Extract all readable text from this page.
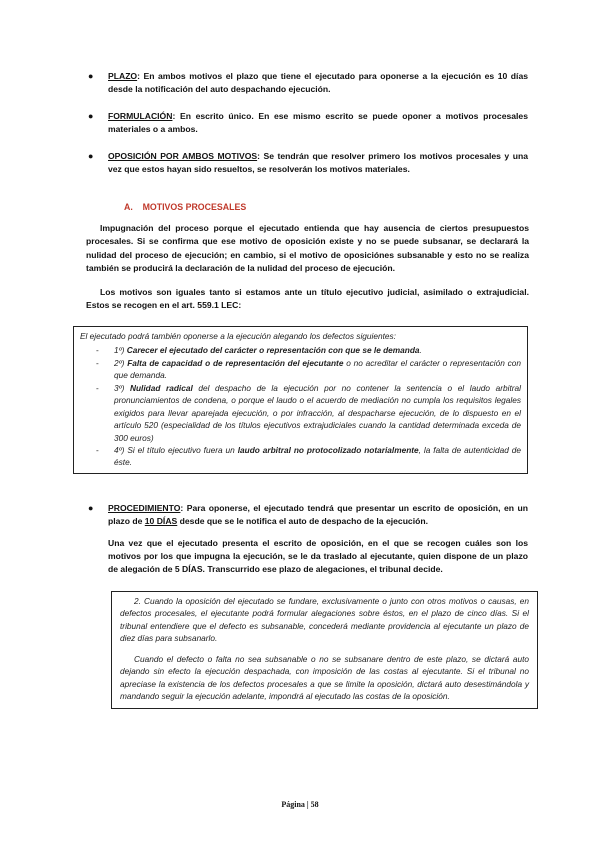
● PLAZO: En ambos motivos el plazo que tiene el ejecutado para oponerse a la ejecución es 10 días desde la notificación del auto despachando ejecución.
● FORMULACIÓN: En escrito único. En ese mismo escrito se puede oponer a motivos procesales materiales o a ambos.
● OPOSICIÓN POR AMBOS MOTIVOS: Se tendrán que resolver primero los motivos procesales y una vez que estos hayan sido resueltos, se resolverán los motivos materiales.
A.    MOTIVOS PROCESALES
Impugnación del proceso porque el ejecutado entienda que hay ausencia de ciertos presupuestos procesales. Si se confirma que ese motivo de oposición existe y no se puede subsanar, se declarará la nulidad del proceso de ejecución; en cambio, si el motivo de oposiciónes subsanable y esto no se realiza también se producirá la declaración de la nulidad del proceso de ejecución.
Los motivos son iguales tanto si estamos ante un título ejecutivo judicial, asimilado o extrajudicial. Estos se recogen en el art. 559.1 LEC:
El ejecutado podrá también oponerse a la ejecución alegando los defectos siguientes:
- 1º) Carecer el ejecutado del carácter o representación con que se le demanda.
- 2º) Falta de capacidad o de representación del ejecutante o no acreditar el carácter o representación con que demanda.
- 3º) Nulidad radical del despacho de la ejecución por no contener la sentencia o el laudo arbitral pronunciamientos de condena, o porque el laudo o el acuerdo de mediación no cumpla los requisitos legales exigidos para llevar aparejada ejecución, o por infracción, al despacharse ejecución, de lo dispuesto en el artículo 520 (especialidad de los títulos ejecutivos extrajudiciales cuando la cantidad determinada exceda de 300 euros)
- 4º) Si el título ejecutivo fuera un laudo arbitral no protocolizado notarialmente, la falta de autenticidad de éste.
● PROCEDIMIENTO: Para oponerse, el ejecutado tendrá que presentar un escrito de oposición, en un plazo de 10 DÍAS desde que se le notifica el auto de despacho de la ejecución.
Una vez que el ejecutado presenta el escrito de oposición, en el que se recogen cuáles son los motivos por los que impugna la ejecución, se le da traslado al ejecutante, quien dispone de un plazo de alegación de 5 DÍAS. Transcurrido ese plazo de alegaciones, el tribunal decide.

2. Cuando la oposición del ejecutado se fundare, exclusivamente o junto con otros motivos o causas, en defectos procesales, el ejecutante podrá formular alegaciones sobre éstos, en el plazo de cinco días. Si el tribunal entendiere que el defecto es subsanable, concederá mediante providencia al ejecutante un plazo de diez días para subsanarlo.

Cuando el defecto o falta no sea subsanable o no se subsanare dentro de este plazo, se dictará auto dejando sin efecto la ejecución despachada, con imposición de las costas al ejecutante. Si el tribunal no apreciase la existencia de los defectos procesales a que se limite la oposición, dictará auto desestimándola y mandando seguir la ejecución adelante, impondrá al ejecutado las costas de la oposición.

Página | 58
